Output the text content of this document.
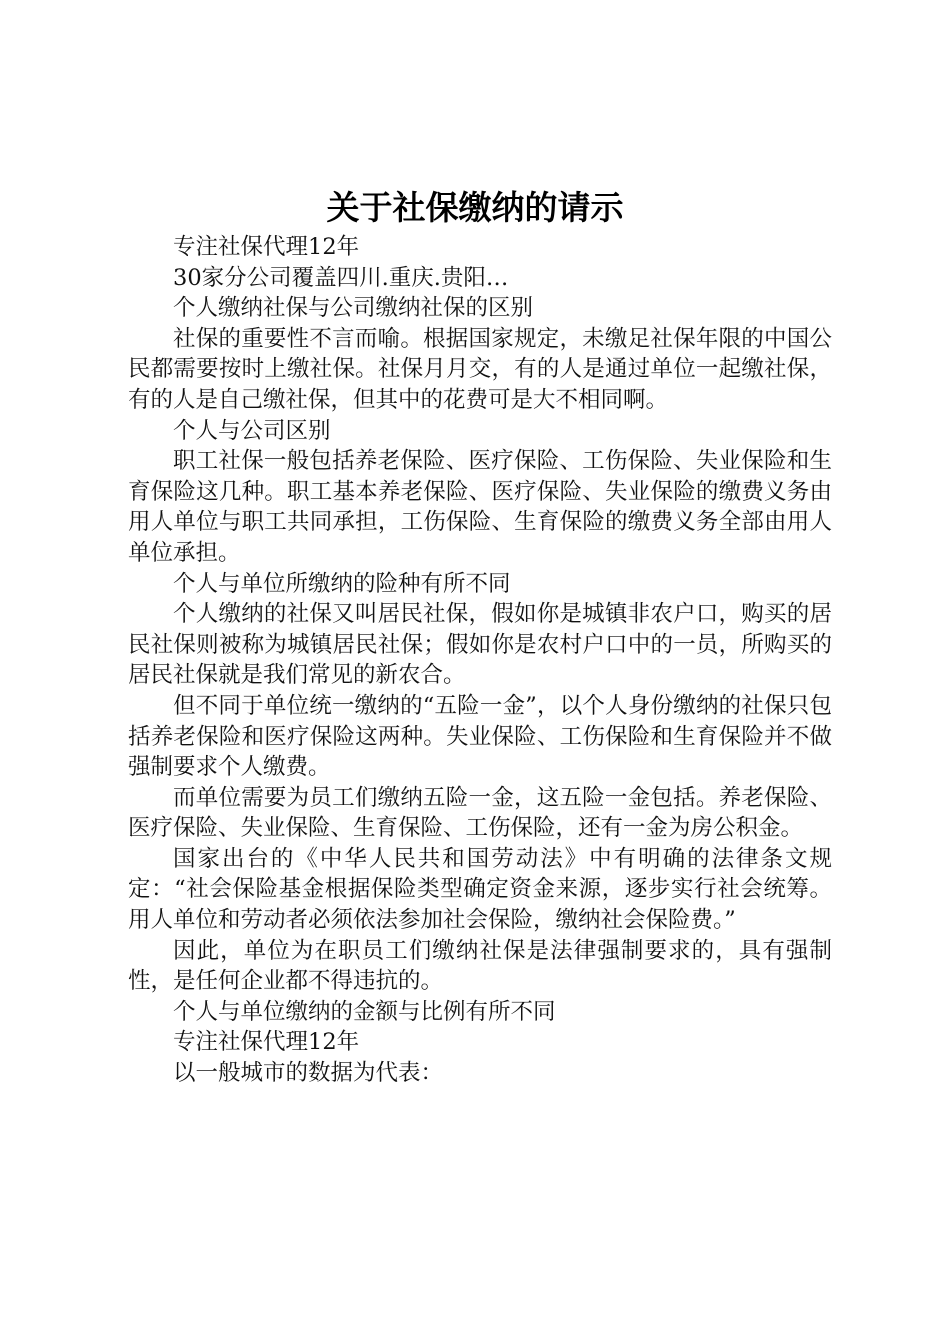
关于社保缴纳的请示

专注社保代理12年

30家分公司覆盖四川.重庆.贵阳…

个人缴纳社保与公司缴纳社保的区别

社保的重要性不言而喻。根据国家规定，未缴足社保年限的中国公民都需要按时上缴社保。社保月月交，有的人是通过单位一起缴社保，有的人是自己缴社保，但其中的花费可是大不相同啊。

个人与公司区别

职工社保一般包括养老保险、医疗保险、工伤保险、失业保险和生育保险这几种。职工基本养老保险、医疗保险、失业保险的缴费义务由用人单位与职工共同承担，工伤保险、生育保险的缴费义务全部由用人单位承担。

个人与单位所缴纳的险种有所不同

个人缴纳的社保又叫居民社保，假如你是城镇非农户口，购买的居民社保则被称为城镇居民社保；假如你是农村户口中的一员，所购买的居民社保就是我们常见的新农合。

但不同于单位统一缴纳的“五险一金”，以个人身份缴纳的社保只包括养老保险和医疗保险这两种。失业保险、工伤保险和生育保险并不做强制要求个人缴费。

而单位需要为员工们缴纳五险一金，这五险一金包括。养老保险、医疗保险、失业保险、生育保险、工伤保险，还有一金为房公积金。

国家出台的《中华人民共和国劳动法》中有明确的法律条文规定：“社会保险基金根据保险类型确定资金来源，逐步实行社会统筹。用人单位和劳动者必须依法参加社会保险，缴纳社会保险费。”

因此，单位为在职员工们缴纳社保是法律强制要求的，具有强制性，是任何企业都不得违抗的。

个人与单位缴纳的金额与比例有所不同

专注社保代理12年

以一般城市的数据为代表：
